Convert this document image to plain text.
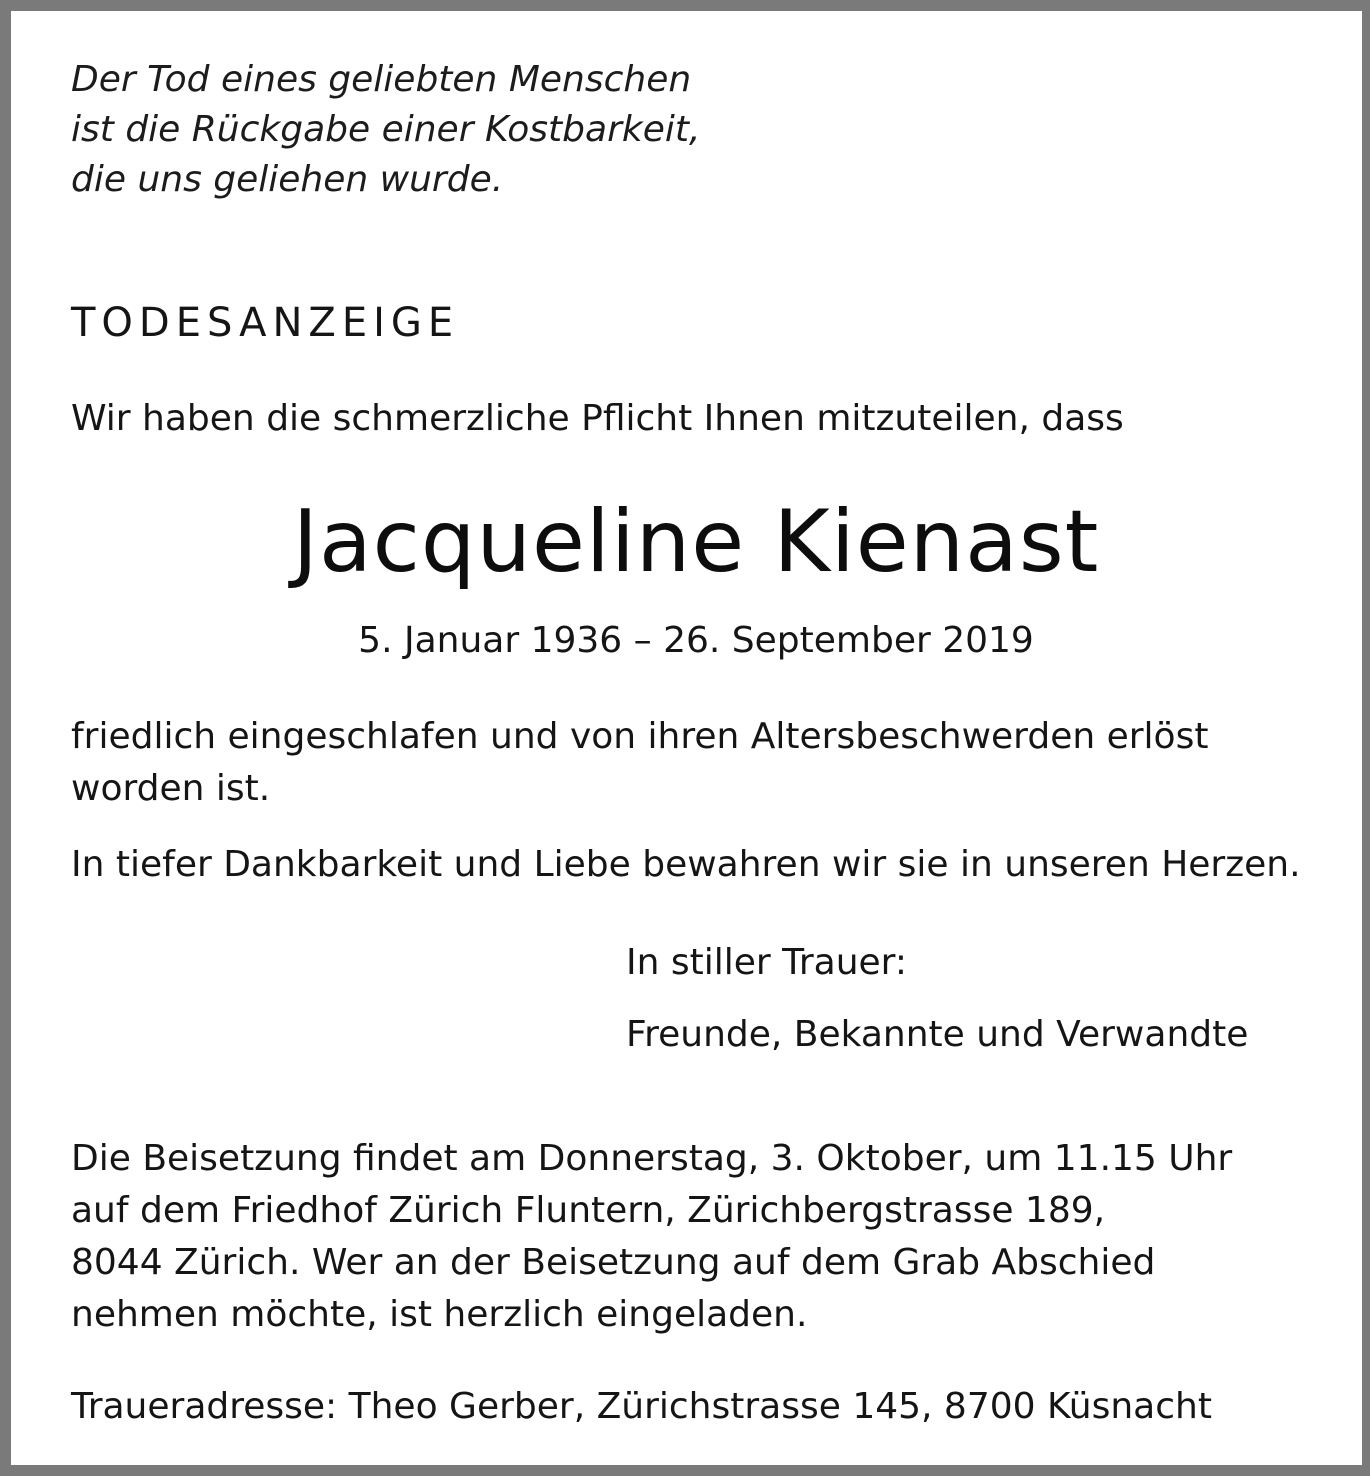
Der Tod eines geliebten Menschen
ist die Rückgabe einer Kostbarkeit,
die uns geliehen wurde.

TODESANZEIGE

Wir haben die schmerzliche Pflicht Ihnen mitzuteilen, dass

Jacqueline Kienast

5. Januar 1936 – 26. September 2019

friedlich eingeschlafen und von ihren Altersbeschwerden erlöst
worden ist.

In tiefer Dankbarkeit und Liebe bewahren wir sie in unseren Herzen.

In stiller Trauer:

Freunde, Bekannte und Verwandte

Die Beisetzung findet am Donnerstag, 3. Oktober, um 11.15 Uhr
auf dem Friedhof Zürich Fluntern, Zürichbergstrasse 189,
8044 Zürich. Wer an der Beisetzung auf dem Grab Abschied
nehmen möchte, ist herzlich eingeladen.

Traueradresse: Theo Gerber, Zürichstrasse 145, 8700 Küsnacht
